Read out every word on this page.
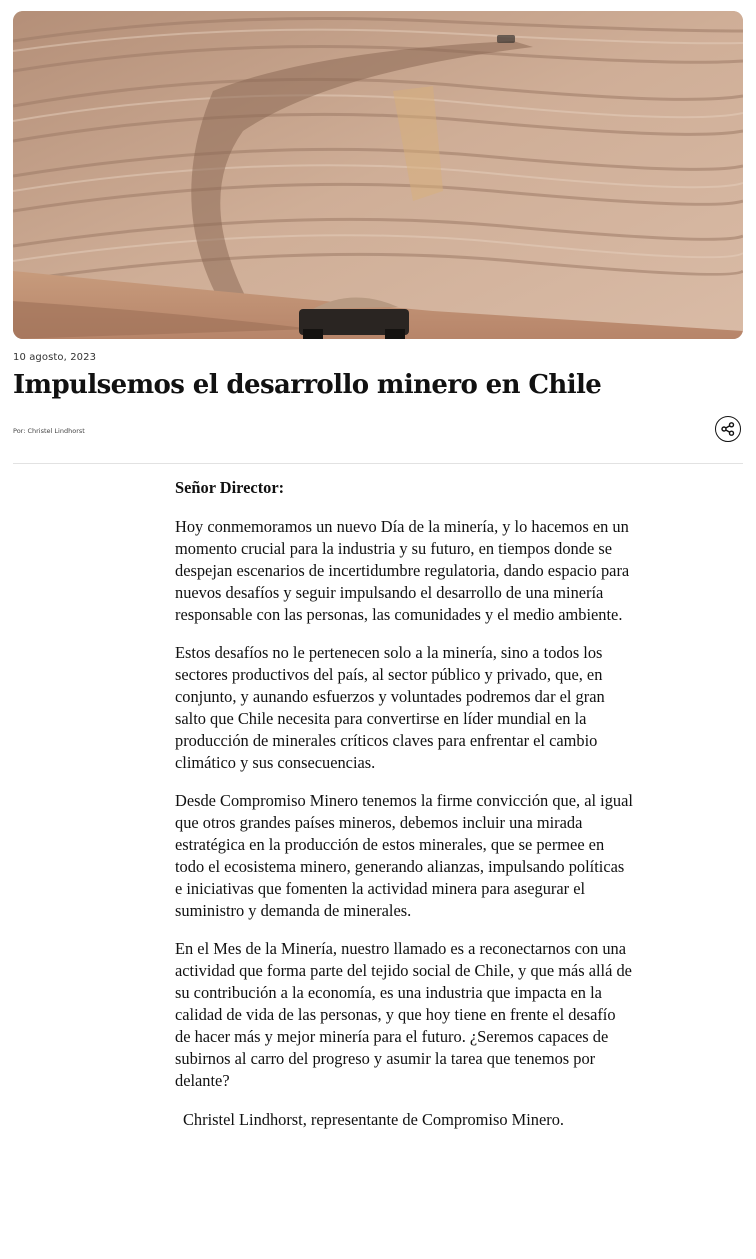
10 agosto, 2023
Impulsemos el desarrollo minero en Chile
Por: Christel Lindhorst

Señor Director:

Hoy conmemoramos un nuevo Día de la minería, y lo hacemos en un momento crucial para la industria y su futuro, en tiempos donde se despejan escenarios de incertidumbre regulatoria, dando espacio para nuevos desafíos y seguir impulsando el desarrollo de una minería responsable con las personas, las comunidades y el medio ambiente.

Estos desafíos no le pertenecen solo a la minería, sino a todos los sectores productivos del país, al sector público y privado, que, en conjunto, y aunando esfuerzos y voluntades podremos dar el gran salto que Chile necesita para convertirse en líder mundial en la producción de minerales críticos claves para enfrentar el cambio climático y sus consecuencias.

Desde Compromiso Minero tenemos la firme convicción que, al igual que otros grandes países mineros, debemos incluir una mirada estratégica en la producción de estos minerales, que se permee en todo el ecosistema minero, generando alianzas, impulsando políticas e iniciativas que fomenten la actividad minera para asegurar el suministro y demanda de minerales.

En el Mes de la Minería, nuestro llamado es a reconectarnos con una actividad que forma parte del tejido social de Chile, y que más allá de su contribución a la economía, es una industria que impacta en la calidad de vida de las personas, y que hoy tiene en frente el desafío de hacer más y mejor minería para el futuro. ¿Seremos capaces de subirnos al carro del progreso y asumir la tarea que tenemos por delante?

Christel Lindhorst, representante de Compromiso Minero.
